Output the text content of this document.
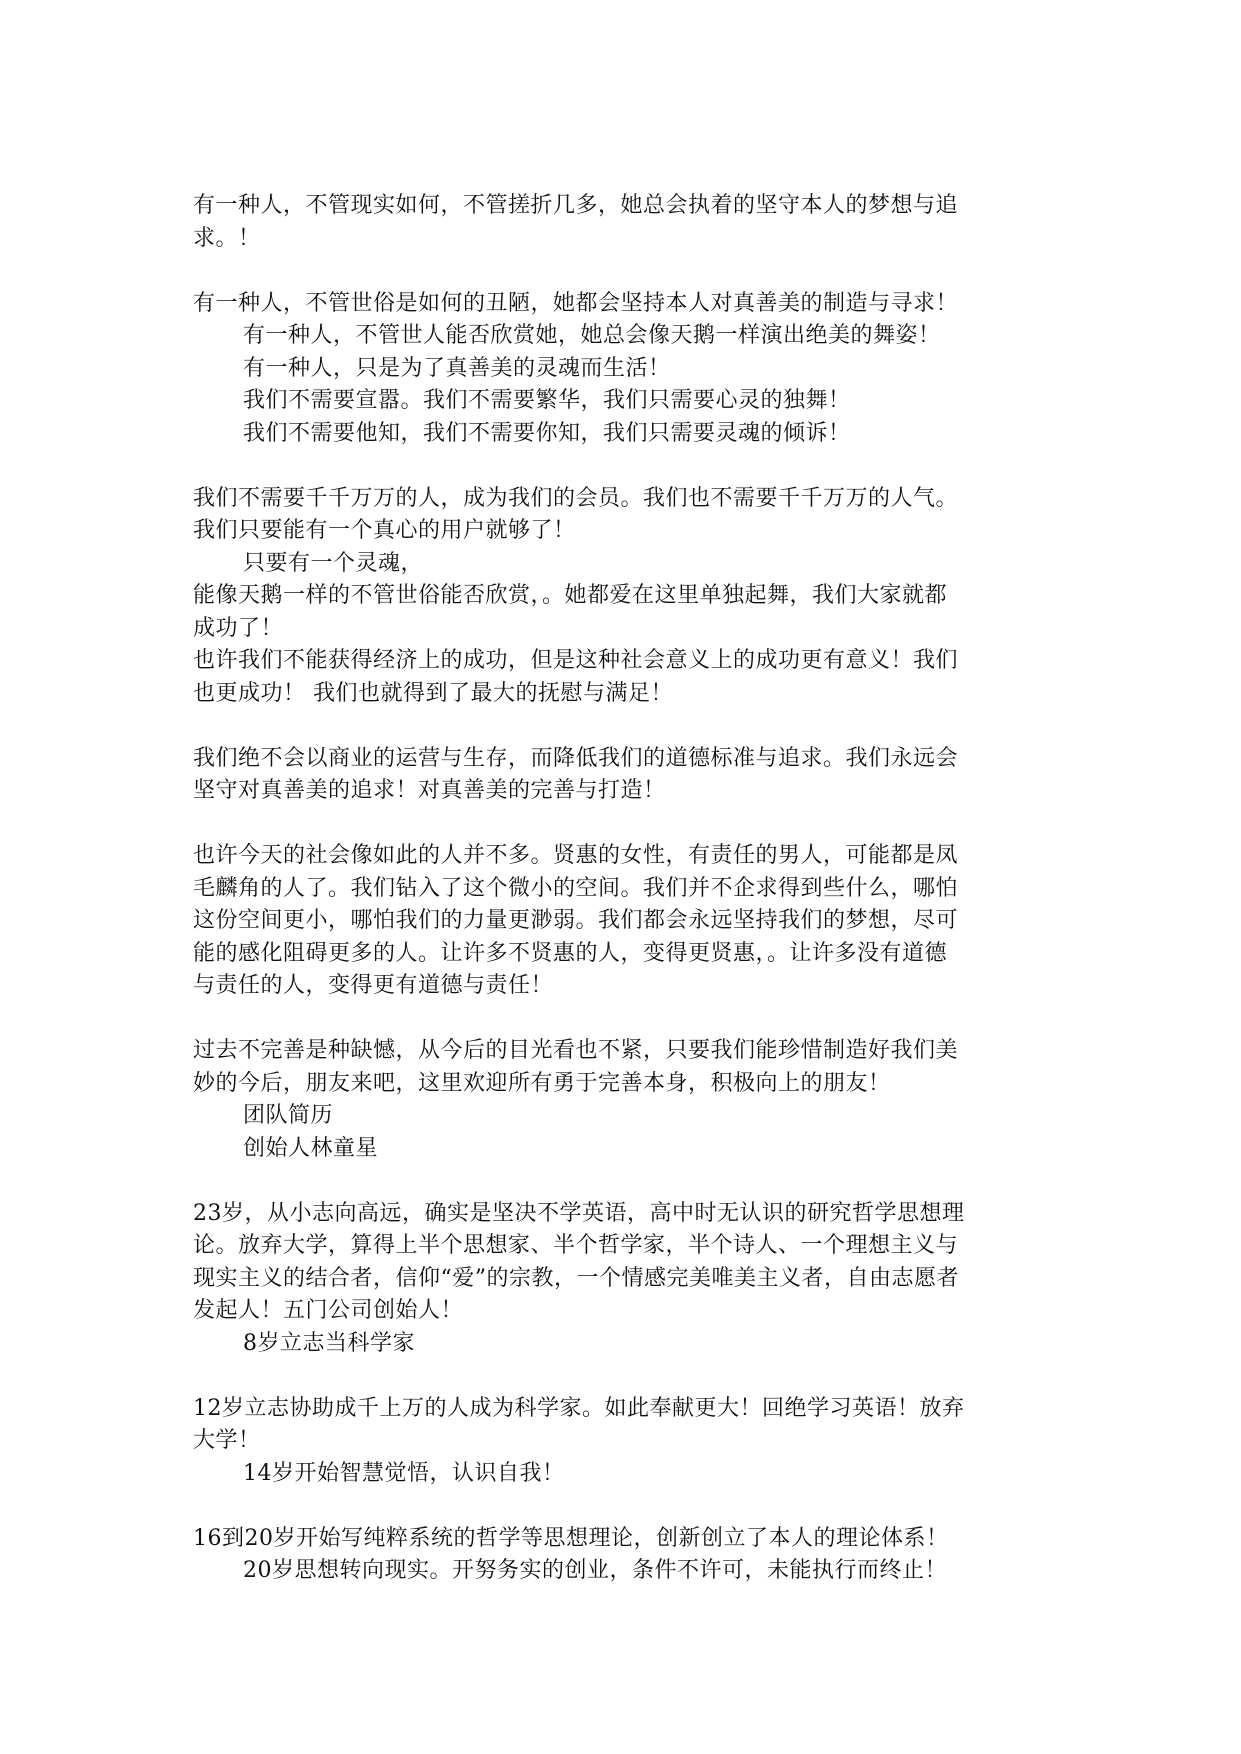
有一种人，不管现实如何，不管搓折几多，她总会执着的坚守本人的梦想与追
求。！
有一种人，不管世俗是如何的丑陋，她都会坚持本人对真善美的制造与寻求！
有一种人，不管世人能否欣赏她，她总会像天鹅一样演出绝美的舞姿！
有一种人，只是为了真善美的灵魂而生活！
我们不需要宣嚣。我们不需要繁华，我们只需要心灵的独舞！
我们不需要他知，我们不需要你知，我们只需要灵魂的倾诉！
我们不需要千千万万的人，成为我们的会员。我们也不需要千千万万的人气。
我们只要能有一个真心的用户就够了！
只要有一个灵魂，
能像天鹅一样的不管世俗能否欣赏，。她都爱在这里单独起舞，我们大家就都
成功了！
也许我们不能获得经济上的成功，但是这种社会意义上的成功更有意义！我们
也更成功！ 我们也就得到了最大的抚慰与满足！
我们绝不会以商业的运营与生存，而降低我们的道德标准与追求。我们永远会
坚守对真善美的追求！对真善美的完善与打造！
也许今天的社会像如此的人并不多。贤惠的女性，有责任的男人，可能都是凤
毛麟角的人了。我们钻入了这个微小的空间。我们并不企求得到些什么，哪怕
这份空间更小，哪怕我们的力量更渺弱。我们都会永远坚持我们的梦想，尽可
能的感化阻碍更多的人。让许多不贤惠的人，变得更贤惠，。让许多没有道德
与责任的人，变得更有道德与责任！
过去不完善是种缺憾，从今后的目光看也不紧，只要我们能珍惜制造好我们美
妙的今后，朋友来吧，这里欢迎所有勇于完善本身，积极向上的朋友！
团队简历
创始人林童星
23岁，从小志向高远，确实是坚决不学英语，高中时无认识的研究哲学思想理
论。放弃大学，算得上半个思想家、半个哲学家，半个诗人、一个理想主义与
现实主义的结合者，信仰“爱”的宗教，一个情感完美唯美主义者，自由志愿者
发起人！五门公司创始人！
8岁立志当科学家
12岁立志协助成千上万的人成为科学家。如此奉献更大！回绝学习英语！放弃
大学！
14岁开始智慧觉悟，认识自我！
16到20岁开始写纯粹系统的哲学等思想理论，创新创立了本人的理论体系！
20岁思想转向现实。开努务实的创业，条件不许可，未能执行而终止！
